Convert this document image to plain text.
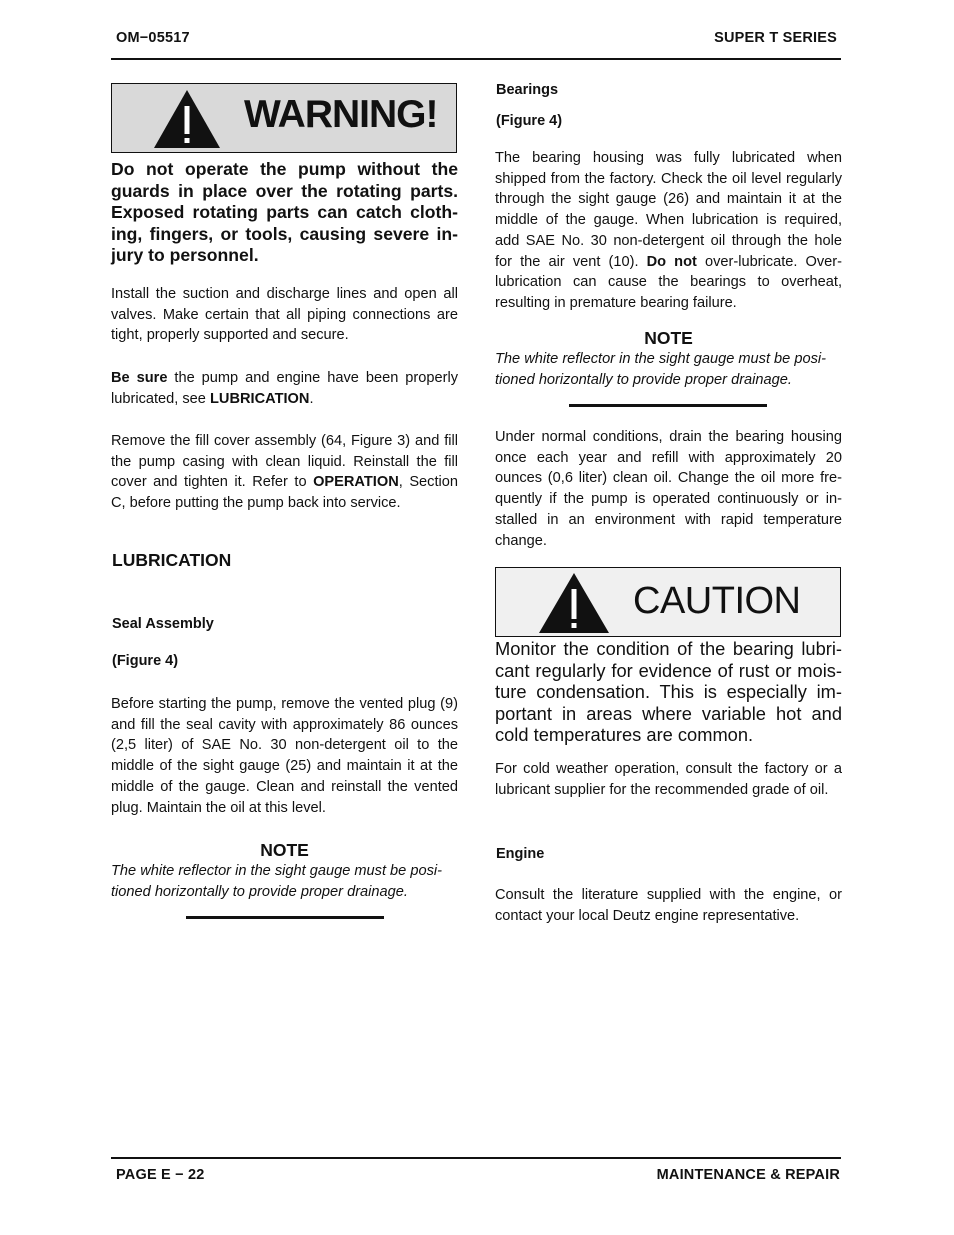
OM−05517	SUPER T SERIES
WARNING!

Do not operate the pump without the guards in place over the rotating parts. Exposed rotating parts can catch clothing, fingers, or tools, causing severe injury to personnel.

Install the suction and discharge lines and open all valves. Make certain that all piping connections are tight, properly supported and secure.

Be sure the pump and engine have been properly lubricated, see LUBRICATION.

Remove the fill cover assembly (64, Figure 3) and fill the pump casing with clean liquid. Reinstall the fill cover and tighten it. Refer to OPERATION, Section C, before putting the pump back into service.

LUBRICATION
Seal Assembly
(Figure 4)

Before starting the pump, remove the vented plug (9) and fill the seal cavity with approximately 86 ounces (2,5 liter) of SAE No. 30 non-detergent oil to the middle of the sight gauge (25) and maintain it at the middle of the gauge. Clean and reinstall the vented plug. Maintain the oil at this level.

NOTE

The white reflector in the sight gauge must be positioned horizontally to provide proper drainage.

Bearings
(Figure 4)

The bearing housing was fully lubricated when shipped from the factory. Check the oil level regularly through the sight gauge (26) and maintain it at the middle of the gauge. When lubrication is required, add SAE No. 30 non-detergent oil through the hole for the air vent (10). Do not over-lubricate. Over-lubrication can cause the bearings to overheat, resulting in premature bearing failure.

NOTE

The white reflector in the sight gauge must be positioned horizontally to provide proper drainage.

Under normal conditions, drain the bearing housing once each year and refill with approximately 20 ounces (0,6 liter) clean oil. Change the oil more frequently if the pump is operated continuously or installed in an environment with rapid temperature change.

CAUTION

Monitor the condition of the bearing lubricant regularly for evidence of rust or moisture condensation. This is especially important in areas where variable hot and cold temperatures are common.

For cold weather operation, consult the factory or a lubricant supplier for the recommended grade of oil.

Engine

Consult the literature supplied with the engine, or contact your local Deutz engine representative.

PAGE E − 22	MAINTENANCE & REPAIR
